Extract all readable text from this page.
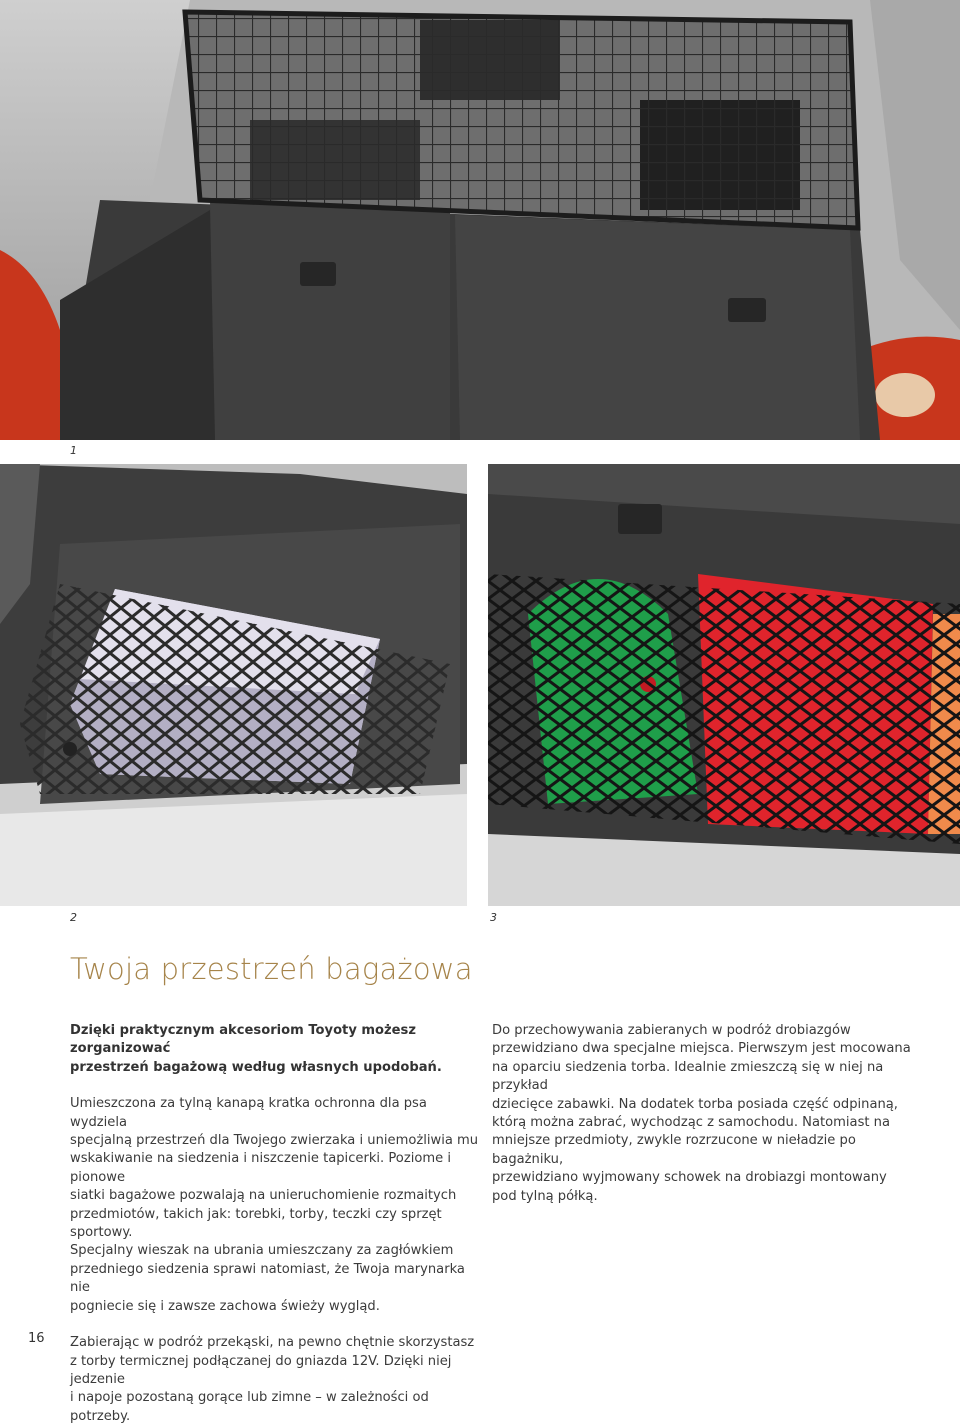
1
2	3
Twoja przestrzeń bagażowa

Dzięki praktycznym akcesoriom Toyoty możesz zorganizować

przestrzeń bagażową według własnych upodobań.

Umieszczona za tylną kanapą kratka ochronna dla psa wydziela

specjalną przestrzeń dla Twojego zwierzaka i uniemożliwia mu

wskakiwanie na siedzenia i niszczenie tapicerki. Poziome i pionowe

siatki bagażowe pozwalają na unieruchomienie rozmaitych

przedmiotów, takich jak: torebki, torby, teczki czy sprzęt sportowy.

Specjalny wieszak na ubrania umieszczany za zagłówkiem

przedniego siedzenia sprawi natomiast, że Twoja marynarka nie

pogniecie się i zawsze zachowa świeży wygląd.

Zabierając w podróż przekąski, na pewno chętnie skorzystasz

z torby termicznej podłączanej do gniazda 12V. Dzięki niej jedzenie

i napoje pozostaną gorące lub zimne – w zależności od potrzeby.

Do przechowywania zabieranych w podróż drobiazgów

przewidziano dwa specjalne miejsca. Pierwszym jest mocowana

na oparciu siedzenia torba. Idealnie zmieszczą się w niej na przykład

dziecięce zabawki. Na dodatek torba posiada część odpinaną,

którą można zabrać, wychodząc z samochodu. Natomiast na

mniejsze przedmioty, zwykle rozrzucone w nieładzie po bagażniku,

przewidziano wyjmowany schowek na drobiazgi montowany

pod tylną półką.

16
